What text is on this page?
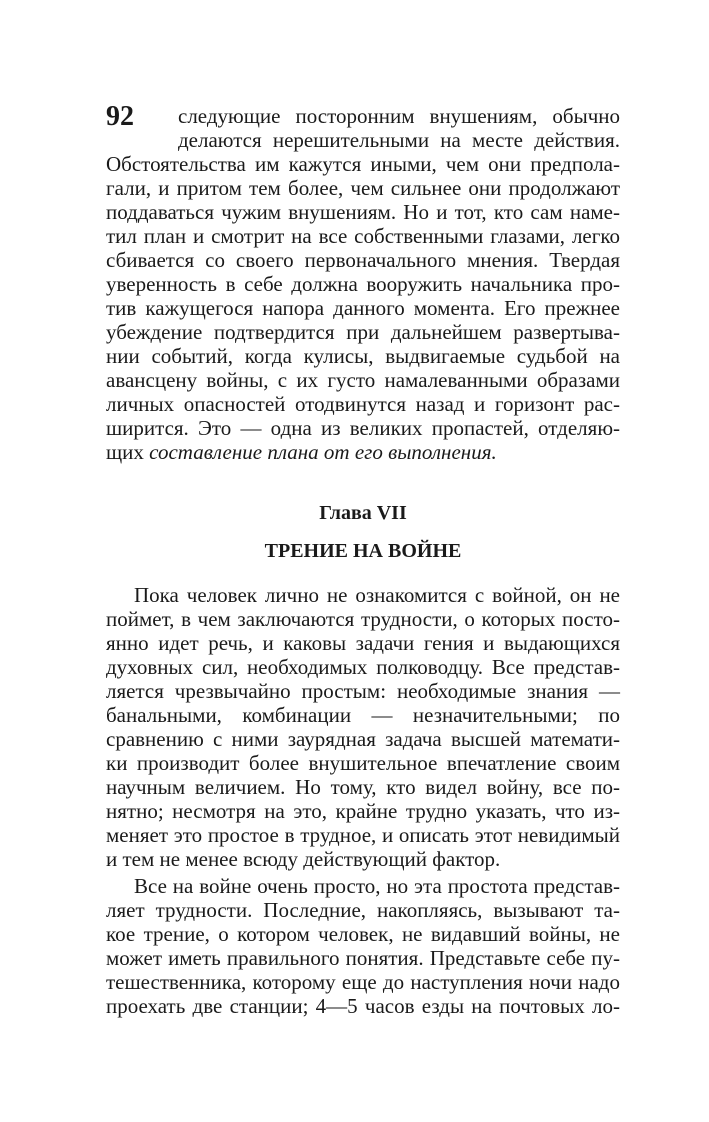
92 следующие посторонним внушениям, обычно
делаются нерешительными на месте действия.
Обстоятельства им кажутся иными, чем они предпола-
гали, и притом тем более, чем сильнее они продолжают
поддаваться чужим внушениям. Но и тот, кто сам наме-
тил план и смотрит на все собственными глазами, легко
сбивается со своего первоначального мнения. Твердая
уверенность в себе должна вооружить начальника про-
тив кажущегося напора данного момента. Его прежнее
убеждение подтвердится при дальнейшем развертыва-
нии событий, когда кулисы, выдвигаемые судьбой на
авансцену войны, с их густо намалеванными образами
личных опасностей отодвинутся назад и горизонт рас-
ширится. Это — одна из великих пропастей, отделяю-
щих составление плана от его выполнения.
Глава VII
ТРЕНИЕ НА ВОЙНЕ
Пока человек лично не ознакомится с войной, он не
поймет, в чем заключаются трудности, о которых посто-
янно идет речь, и каковы задачи гения и выдающихся
духовных сил, необходимых полководцу. Все представ-
ляется чрезвычайно простым: необходимые знания —
банальными, комбинации — незначительными; по
сравнению с ними заурядная задача высшей математи-
ки производит более внушительное впечатление своим
научным величием. Но тому, кто видел войну, все по-
нятно; несмотря на это, крайне трудно указать, что из-
меняет это простое в трудное, и описать этот невидимый
и тем не менее всюду действующий фактор.
Все на войне очень просто, но эта простота представ-
ляет трудности. Последние, накопляясь, вызывают та-
кое трение, о котором человек, не видавший войны, не
может иметь правильного понятия. Представьте себе пу-
тешественника, которому еще до наступления ночи надо
проехать две станции; 4—5 часов езды на почтовых ло-
